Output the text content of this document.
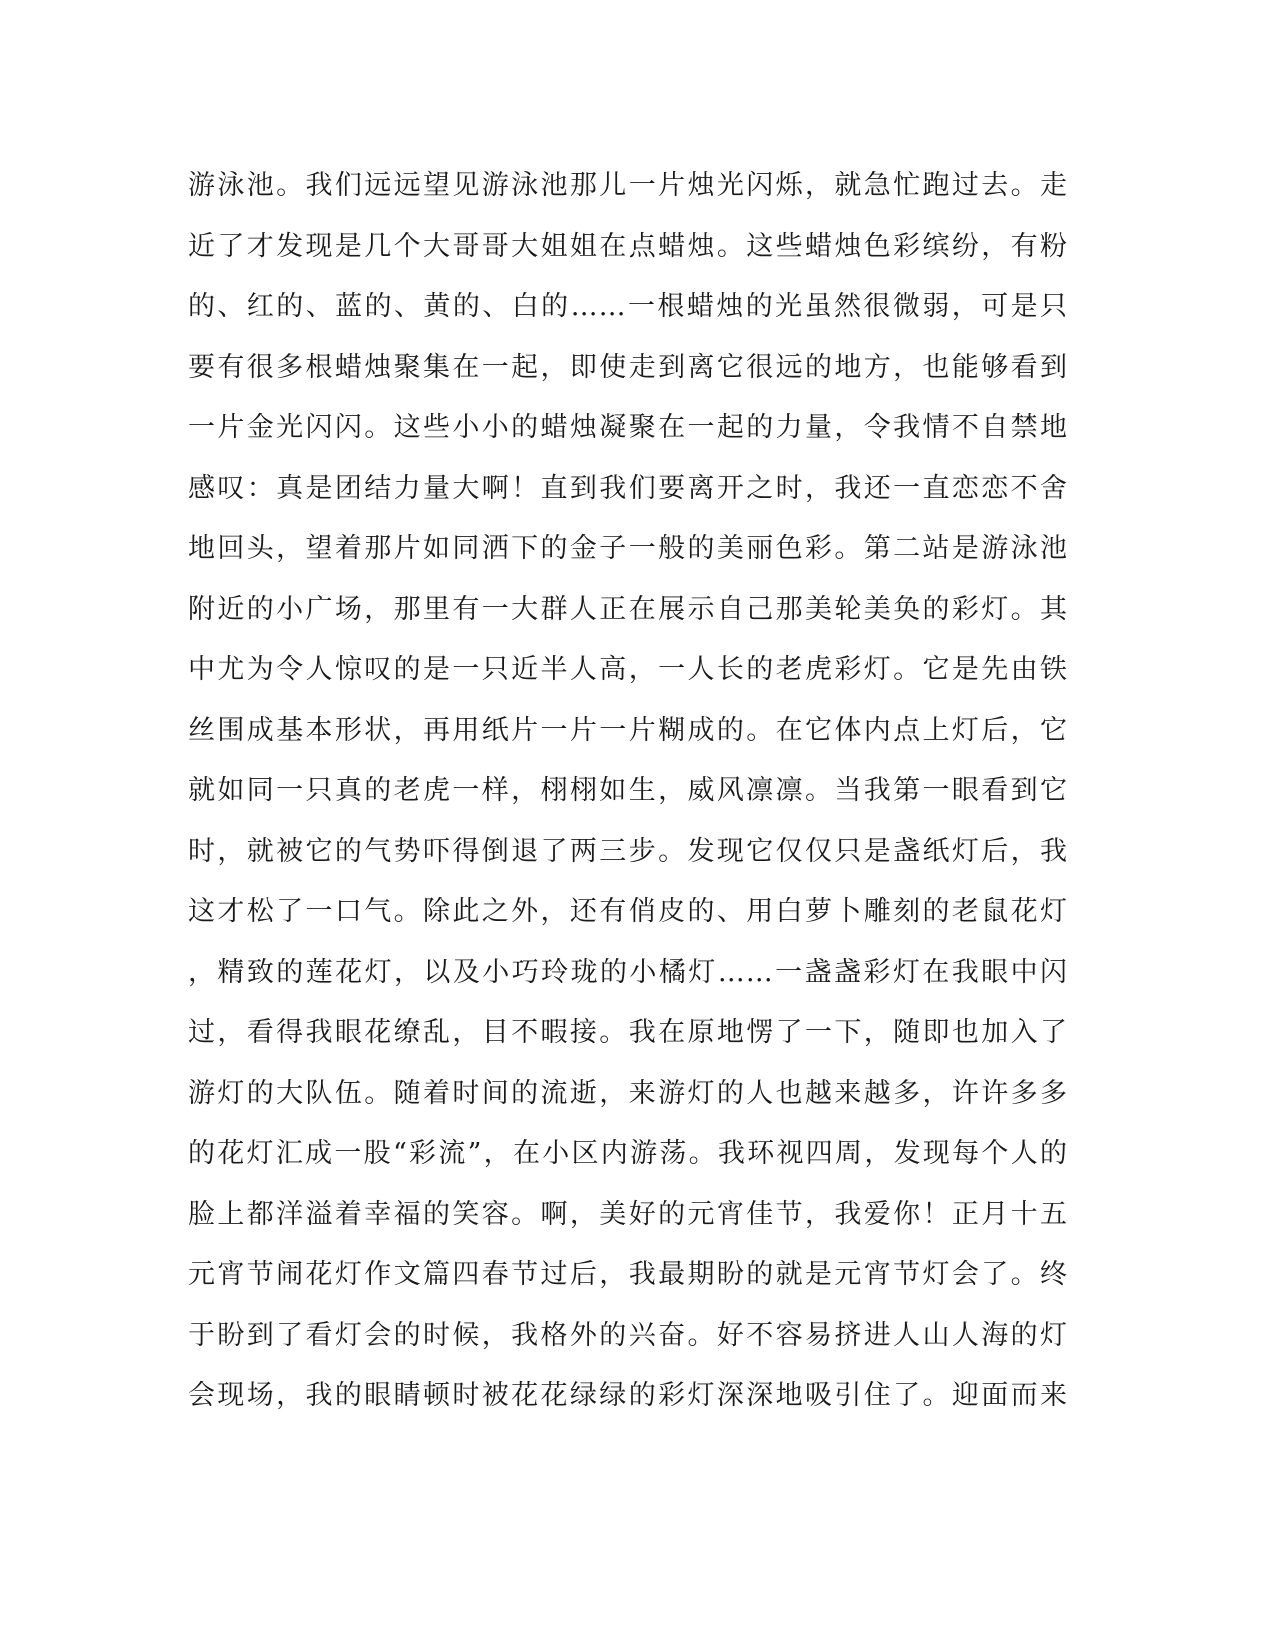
游泳池。我们远远望见游泳池那儿一片烛光闪烁，就急忙跑过去。走
近了才发现是几个大哥哥大姐姐在点蜡烛。这些蜡烛色彩缤纷，有粉
的、红的、蓝的、黄的、白的……一根蜡烛的光虽然很微弱，可是只
要有很多根蜡烛聚集在一起，即使走到离它很远的地方，也能够看到
一片金光闪闪。这些小小的蜡烛凝聚在一起的力量，令我情不自禁地
感叹：真是团结力量大啊！直到我们要离开之时，我还一直恋恋不舍
地回头，望着那片如同洒下的金子一般的美丽色彩。第二站是游泳池
附近的小广场，那里有一大群人正在展示自己那美轮美奂的彩灯。其
中尤为令人惊叹的是一只近半人高，一人长的老虎彩灯。它是先由铁
丝围成基本形状，再用纸片一片一片糊成的。在它体内点上灯后，它
就如同一只真的老虎一样，栩栩如生，威风凛凛。当我第一眼看到它
时，就被它的气势吓得倒退了两三步。发现它仅仅只是盏纸灯后，我
这才松了一口气。除此之外，还有俏皮的、用白萝卜雕刻的老鼠花灯
，精致的莲花灯，以及小巧玲珑的小橘灯……一盏盏彩灯在我眼中闪
过，看得我眼花缭乱，目不暇接。我在原地愣了一下，随即也加入了
游灯的大队伍。随着时间的流逝，来游灯的人也越来越多，许许多多
的花灯汇成一股“彩流”，在小区内游荡。我环视四周，发现每个人的
脸上都洋溢着幸福的笑容。啊，美好的元宵佳节，我爱你！正月十五
元宵节闹花灯作文篇四春节过后，我最期盼的就是元宵节灯会了。终
于盼到了看灯会的时候，我格外的兴奋。好不容易挤进人山人海的灯
会现场，我的眼睛顿时被花花绿绿的彩灯深深地吸引住了。迎面而来
